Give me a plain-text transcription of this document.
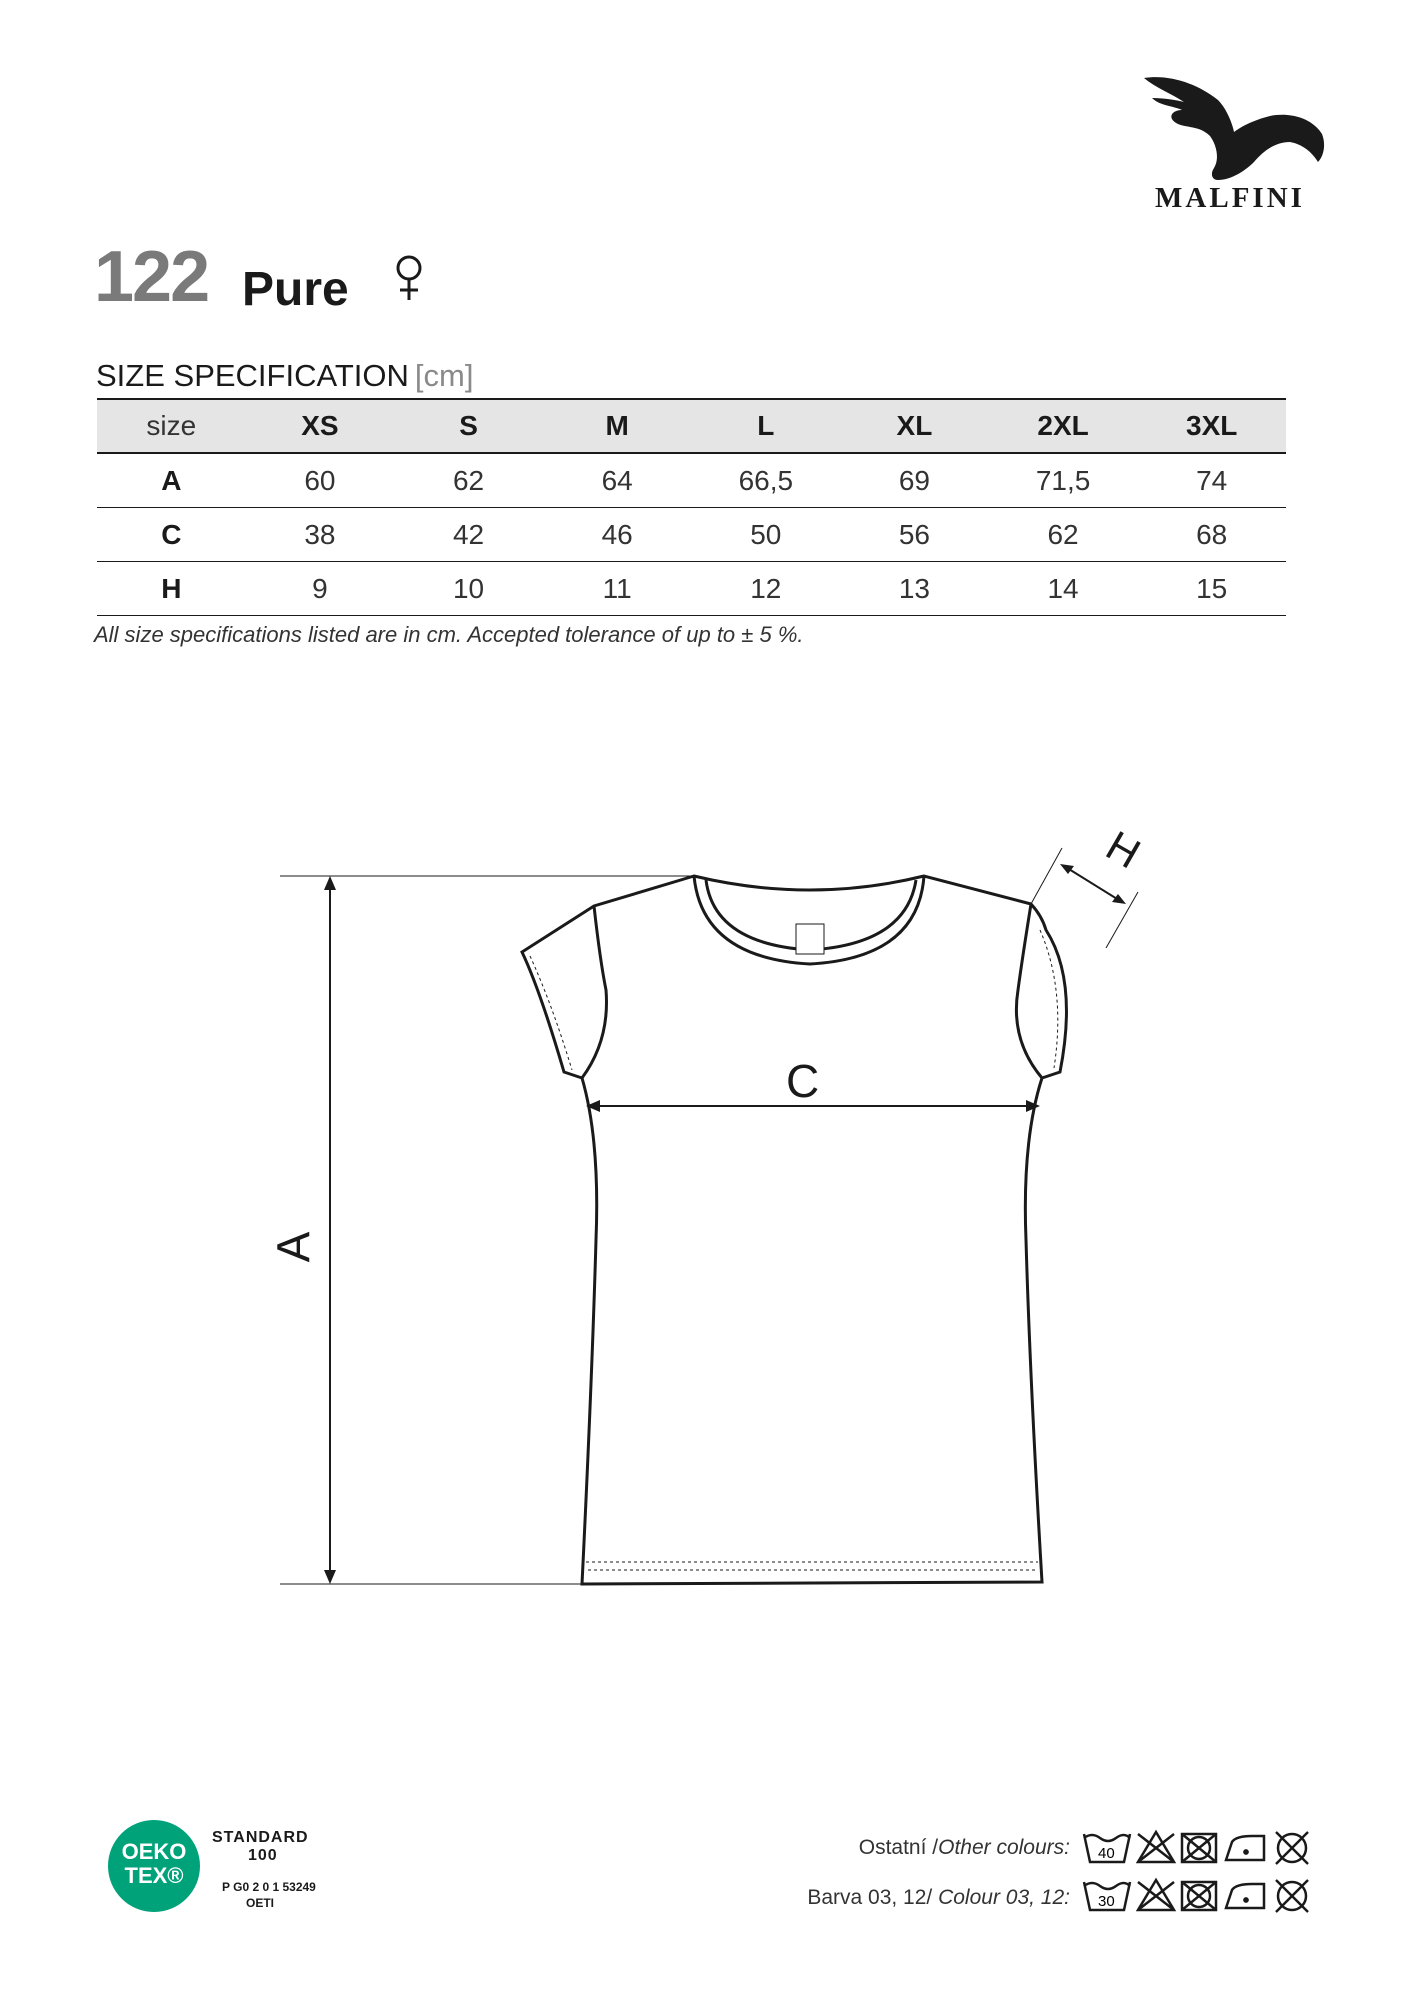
MALFINI
122 Pure
SIZE SPECIFICATION [cm]
size	XS	S	M	L	XL	2XL	3XL
A	60	62	64	66,5	69	71,5	74
C	38	42	46	50	56	62	68
H	9	10	11	12	13	14	15
All size specifications listed are in cm. Accepted tolerance of up to ± 5 %.
C
A
H
OEKO
TEX®
STANDARD
100
P G0 2 0 1 53249
OETI
Ostatní /Other colours: 40
Barva 03, 12/ Colour 03, 12: 30
